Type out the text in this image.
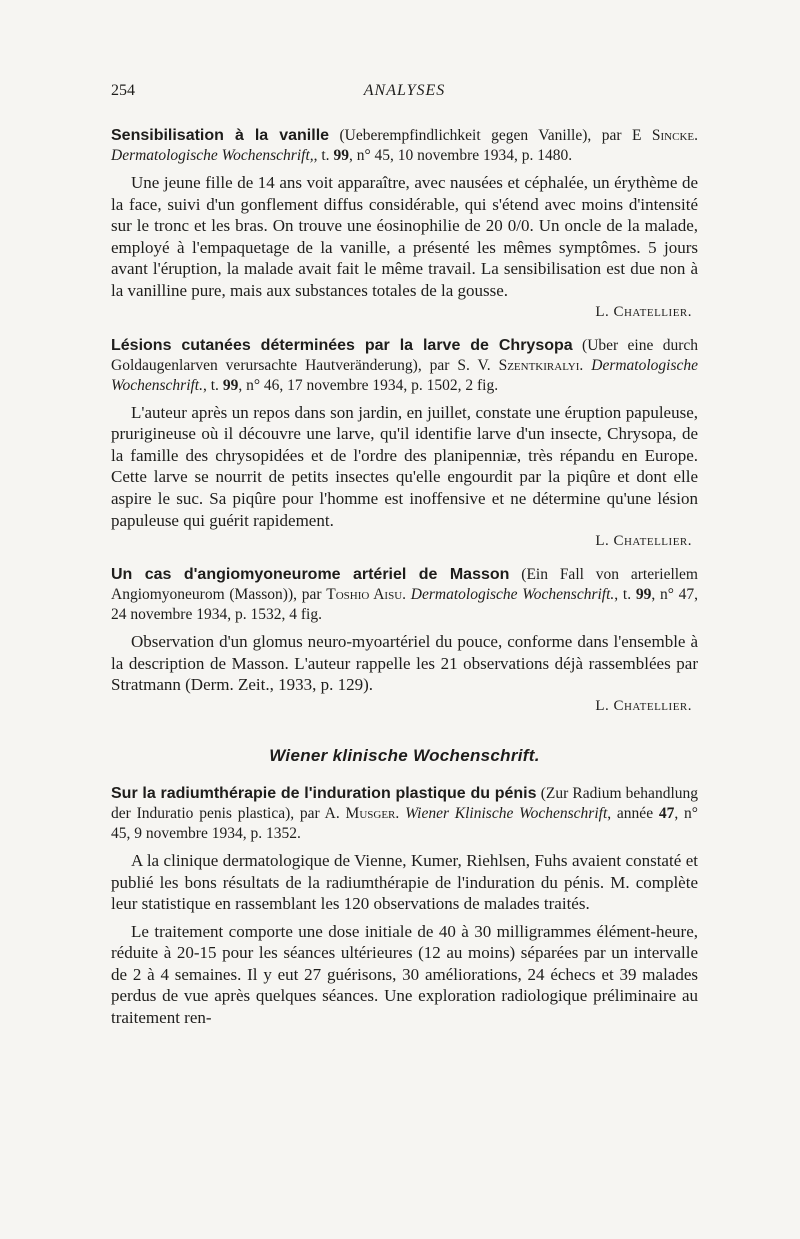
254	ANALYSES
Sensibilisation à la vanille (Ueberempfindlichkeit gegen Vanille), par E Sincke. Dermatologische Wochenschrift,, t. 99, n° 45, 10 novembre 1934, p. 1480.

Une jeune fille de 14 ans voit apparaître, avec nausées et céphalée, un érythème de la face, suivi d'un gonflement diffus considérable, qui s'étend avec moins d'intensité sur le tronc et les bras. On trouve une éosinophilie de 20 0/0. Un oncle de la malade, employé à l'empaquetage de la vanille, a présenté les mêmes symptômes. 5 jours avant l'éruption, la malade avait fait le même travail. La sensibilisation est due non à la vanilline pure, mais aux substances totales de la gousse.

L. Chatellier.
Lésions cutanées déterminées par la larve de Chrysopa (Uber eine durch Goldaugenlarven verursachte Hautveränderung), par S. V. Szentkiralyi. Dermatologische Wochenschrift., t. 99, n° 46, 17 novembre 1934, p. 1502, 2 fig.

L'auteur après un repos dans son jardin, en juillet, constate une éruption papuleuse, prurigineuse où il découvre une larve, qu'il identifie larve d'un insecte, Chrysopa, de la famille des chrysopidées et de l'ordre des planipenniæ, très répandu en Europe. Cette larve se nourrit de petits insectes qu'elle engourdit par la piqûre et dont elle aspire le suc. Sa piqûre pour l'homme est inoffensive et ne détermine qu'une lésion papuleuse qui guérit rapidement.

L. Chatellier.
Un cas d'angiomyoneurome artériel de Masson (Ein Fall von arteriellem Angiomyoneurom (Masson)), par Toshio Aisu. Dermatologische Wochenschrift., t. 99, n° 47, 24 novembre 1934, p. 1532, 4 fig.

Observation d'un glomus neuro-myoartériel du pouce, conforme dans l'ensemble à la description de Masson. L'auteur rappelle les 21 observations déjà rassemblées par Stratmann (Derm. Zeit., 1933, p. 129).

L. Chatellier.
Wiener klinische Wochenschrift.
Sur la radiumthérapie de l'induration plastique du pénis (Zur Radium behandlung der Induratio penis plastica), par A. Musger. Wiener Klinische Wochenschrift, année 47, n° 45, 9 novembre 1934, p. 1352.

A la clinique dermatologique de Vienne, Kumer, Riehlsen, Fuhs avaient constaté et publié les bons résultats de la radiumthérapie de l'induration du pénis. M. complète leur statistique en rassemblant les 120 observations de malades traités.

Le traitement comporte une dose initiale de 40 à 30 milligrammes élément-heure, réduite à 20-15 pour les séances ultérieures (12 au moins) séparées par un intervalle de 2 à 4 semaines. Il y eut 27 guérisons, 30 améliorations, 24 échecs et 39 malades perdus de vue après quelques séances. Une exploration radiologique préliminaire au traitement ren-
